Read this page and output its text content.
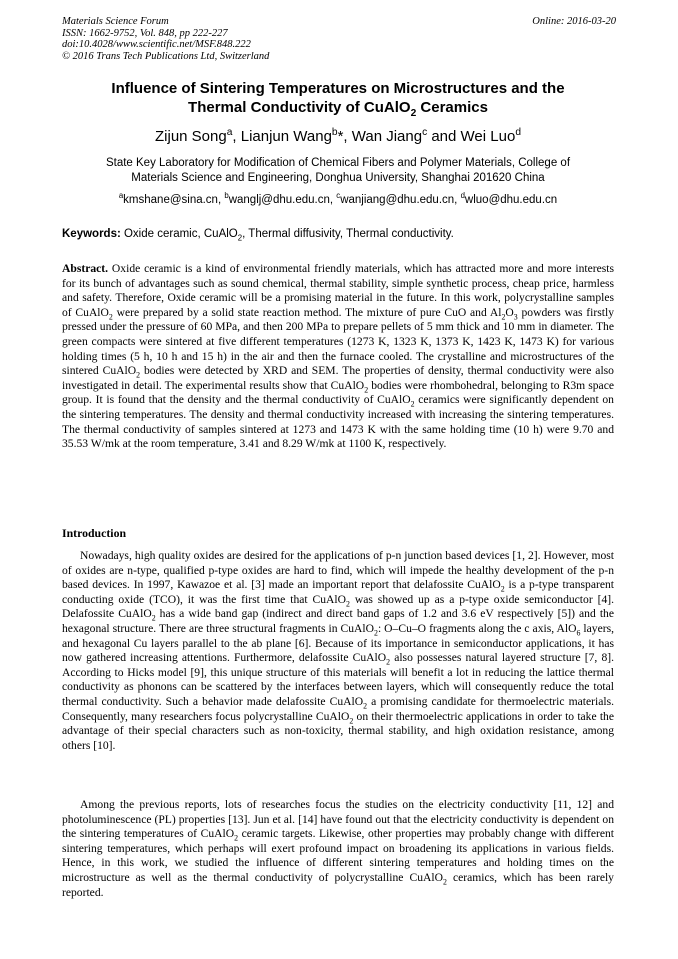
Materials Science Forum
ISSN: 1662-9752, Vol. 848, pp 222-227
doi:10.4028/www.scientific.net/MSF.848.222
© 2016 Trans Tech Publications Ltd, Switzerland
Online: 2016-03-20
Influence of Sintering Temperatures on Microstructures and the
Thermal Conductivity of CuAlO$_2$ Ceramics
Zijun Song$^a$, Lianjun Wang$^b$*, Wan Jiang$^c$ and Wei Luo$^d$
State Key Laboratory for Modification of Chemical Fibers and Polymer Materials, College of
Materials Science and Engineering, Donghua University, Shanghai 201620 China
$^a$kmshane@sina.cn, $^b$wanglj@dhu.edu.cn, $^c$wanjiang@dhu.edu.cn, $^d$wluo@dhu.edu.cn
Keywords: Oxide ceramic, CuAlO$_2$, Thermal diffusivity, Thermal conductivity.
Abstract. Oxide ceramic is a kind of environmental friendly materials, which has attracted more and more interests for its bunch of advantages such as sound chemical, thermal stability, simple synthetic process, cheap price, harmless and safety. Therefore, Oxide ceramic will be a promising material in the future. In this work, polycrystalline samples of CuAlO$_2$ were prepared by a solid state reaction method. The mixture of pure CuO and $Al_2O_3$ powders was firstly pressed under the pressure of 60 MPa, and then 200 MPa to prepare pellets of 5 mm thick and 10 mm in diameter. The green compacts were sintered at five different temperatures (1273 K, 1323 K, 1373 K, 1423 K, 1473 K) for various holding times (5 h, 10 h and 15 h) in the air and then the furnace cooled. The crystalline and microstructures of the sintered CuAlO$_2$ bodies were detected by XRD and SEM. The properties of density, thermal conductivity were also investigated in detail. The experimental results show that CuAlO$_2$ bodies were rhombohedral, belonging to R3m space group. It is found that the density and the thermal conductivity of CuAlO$_2$ ceramics were significantly dependent on the sintering temperatures. The density and thermal conductivity increased with increasing the sintering temperatures. The thermal conductivity of samples sintered at 1273 and 1473 K with the same holding time (10 h) were 9.70 and 35.53 W/mk at the room temperature, 3.41 and 8.29 W/mk at 1100 K, respectively.
Introduction
Nowadays, high quality oxides are desired for the applications of p-n junction based devices [1, 2]. However, most of oxides are n-type, qualified p-type oxides are hard to find, which will impede the healthy development of the p-n based devices. In 1997, Kawazoe et al. [3] made an important report that delafossite CuAlO$_2$ is a p-type transparent conducting oxide (TCO), it was the first time that CuAlO$_2$ was showed up as a p-type oxide semiconductor [4]. Delafossite CuAlO$_2$ has a wide band gap (indirect and direct band gaps of 1.2 and 3.6 eV respectively [5]) and the hexagonal structure. There are three structural fragments in CuAlO$_2$: O–Cu–O fragments along the c axis, AlO$_6$ layers, and hexagonal Cu layers parallel to the ab plane [6]. Because of its importance in semiconductor applications, it has now gathered increasing attentions. Furthermore, delafossite CuAlO$_2$ also possesses natural layered structure [7, 8]. According to Hicks model [9], this unique structure of this materials will benefit a lot in reducing the lattice thermal conductivity as phonons can be scattered by the interfaces between layers, which will consequently reduce the total thermal conductivity. Such a behavior made delafossite CuAlO$_2$ a promising candidate for thermoelectric materials. Consequently, many researchers focus polycrystalline CuAlO$_2$ on their thermoelectric applications in order to take the advantage of their special characters such as non-toxicity, thermal stability, and high oxidation resistance, among others [10].
Among the previous reports, lots of researches focus the studies on the electricity conductivity [11, 12] and photoluminescence (PL) properties [13]. Jun et al. [14] have found out that the electricity conductivity is dependent on the sintering temperatures of CuAlO$_2$ ceramic targets. Likewise, other properties may probably change with different sintering temperatures, which perhaps will exert profound impact on broadening its applications in various fields. Hence, in this work, we studied the influence of different sintering temperatures and holding times on the microstructure as well as the thermal conductivity of polycrystalline CuAlO$_2$ ceramics, which has been rarely reported.
